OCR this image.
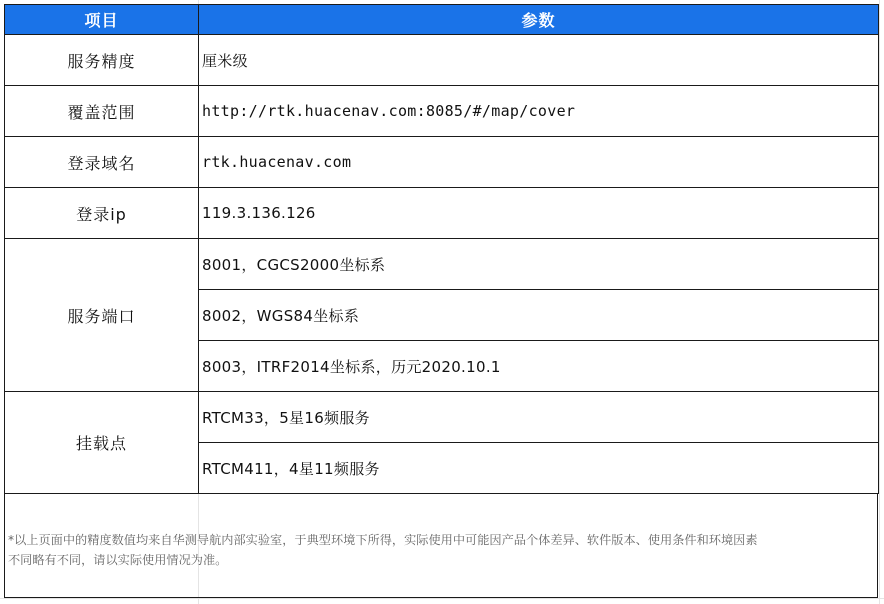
项目	参数
服务精度	厘米级
覆盖范围	http://rtk.huacenav.com:8085/#/map/cover
登录域名	rtk.huacenav.com
登录ip	119.3.136.126
服务端口	8001，CGCS2000坐标系
	8002，WGS84坐标系
	8003，ITRF2014坐标系，历元2020.10.1
挂载点	RTCM33，5星16频服务
	RTCM411，4星11频服务
*以上页面中的精度数值均来自华测导航内部实验室，于典型环境下所得，实际使用中可能因产品个体差异、软件版本、使用条件和环境因素
不同略有不同，请以实际使用情况为准。
